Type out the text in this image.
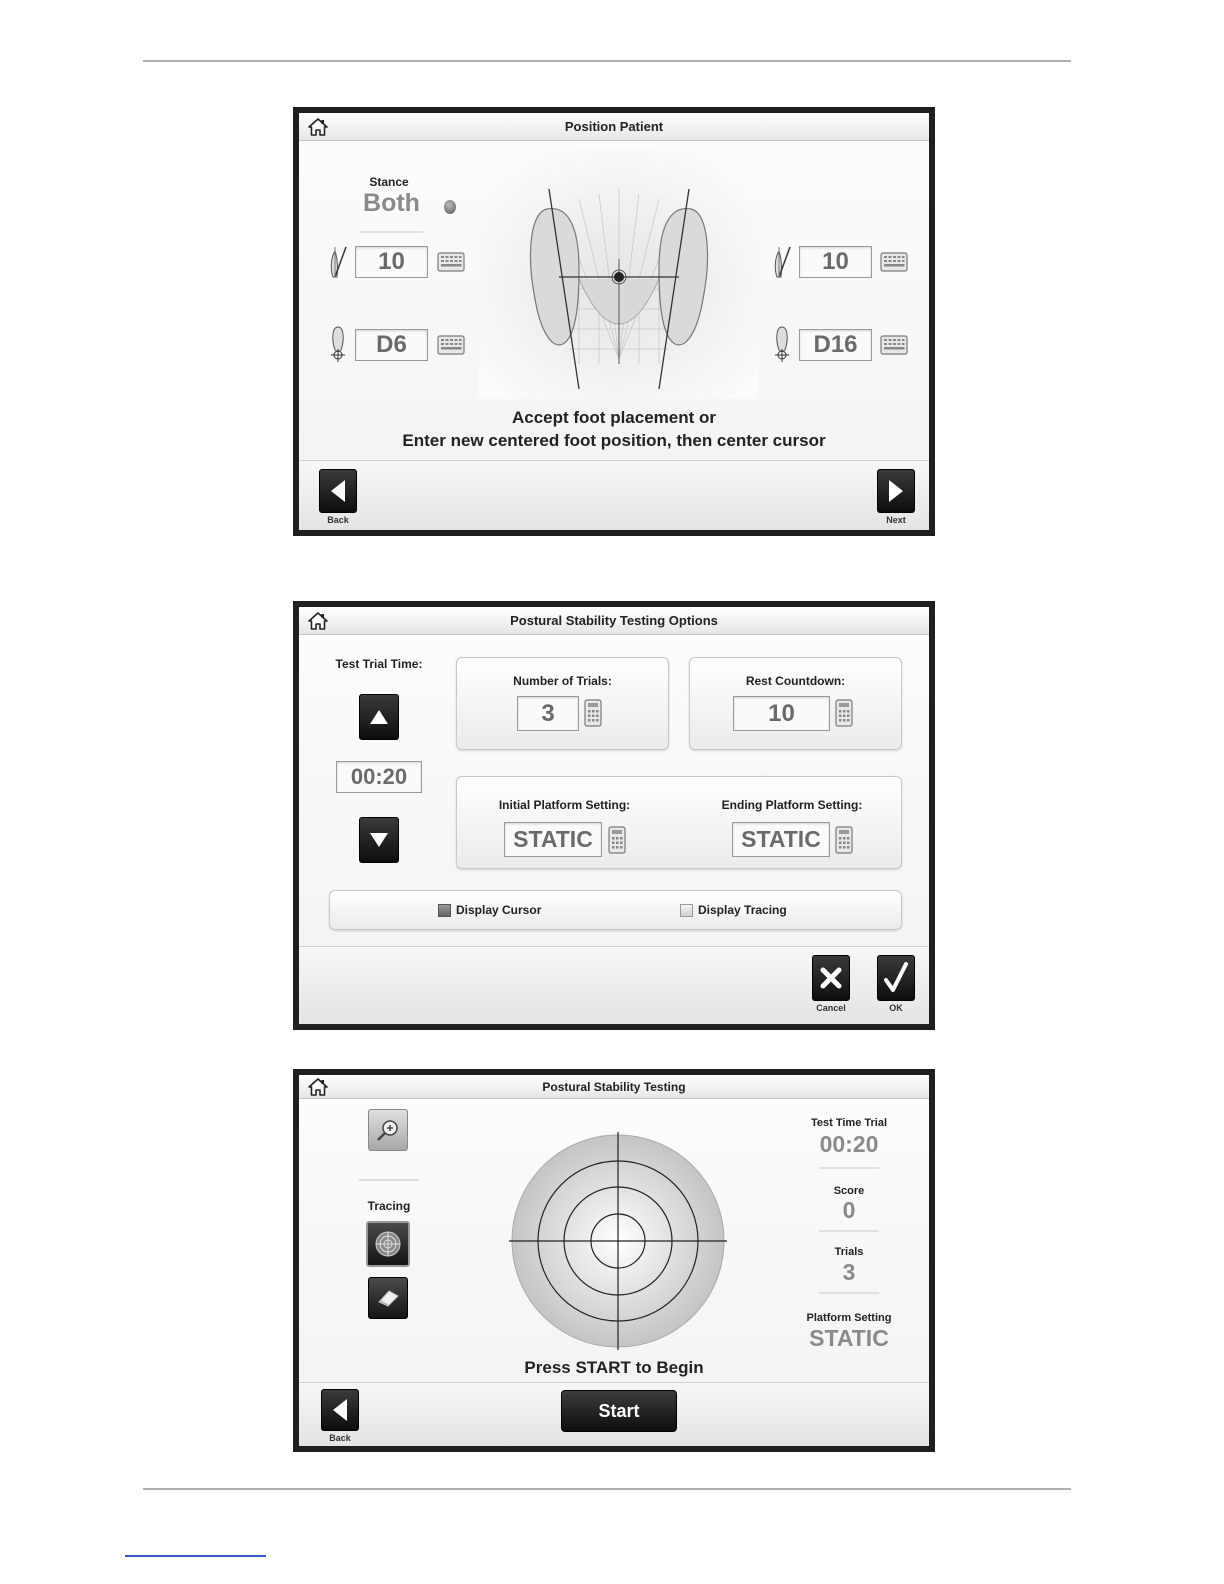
Position Patient
Stance
Both
10	10
D6	D16
Accept foot placement or
Enter new centered foot position, then center cursor
Back	Next
Postural Stability Testing Options
Test Trial Time:
00:20
Number of Trials:
3
Rest Countdown:
10
Initial Platform Setting:
STATIC
Ending Platform Setting:
STATIC
Display Cursor	Display Tracing
Cancel	OK
Postural Stability Testing
Tracing
Test Time Trial
00:20
Score
0
Trials
3
Platform Setting
STATIC
Press START to Begin
Back
Start
